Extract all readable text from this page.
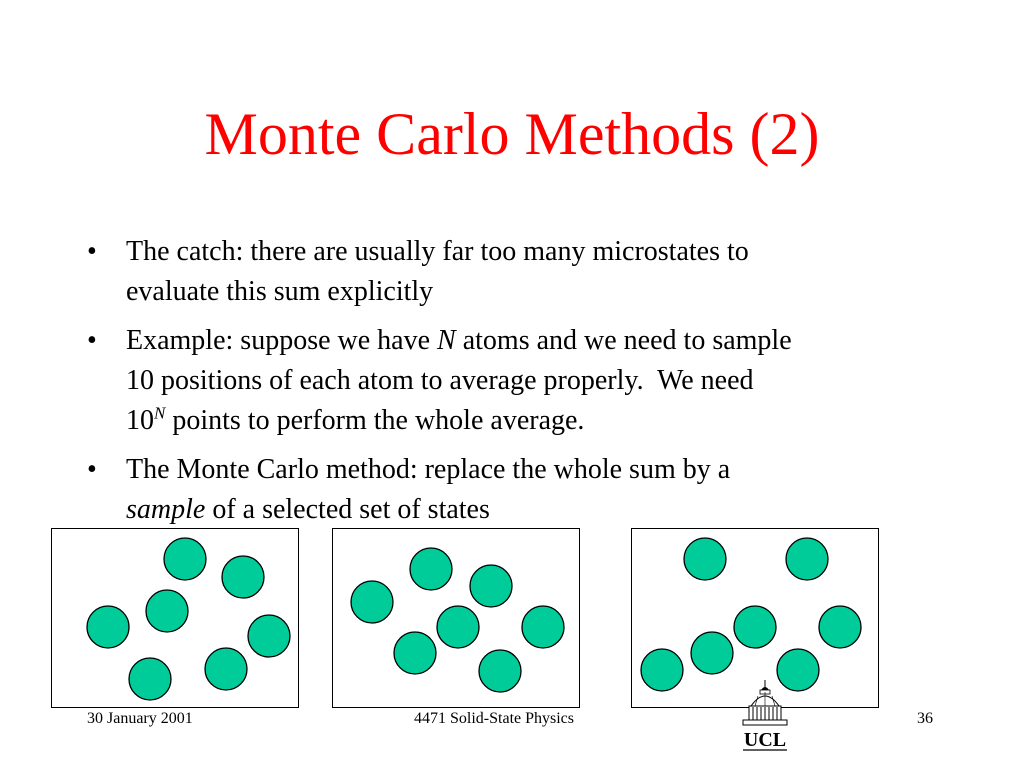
Monte Carlo Methods (2)
• The catch: there are usually far too many microstates to
evaluate this sum explicitly
• Example: suppose we have N atoms and we need to sample
10 positions of each atom to average properly.  We need
$10^N$ points to perform the whole average.
• The Monte Carlo method: replace the whole sum by a
sample of a selected set of states
UCL
30 January 2001	4471 Solid-State Physics	36
